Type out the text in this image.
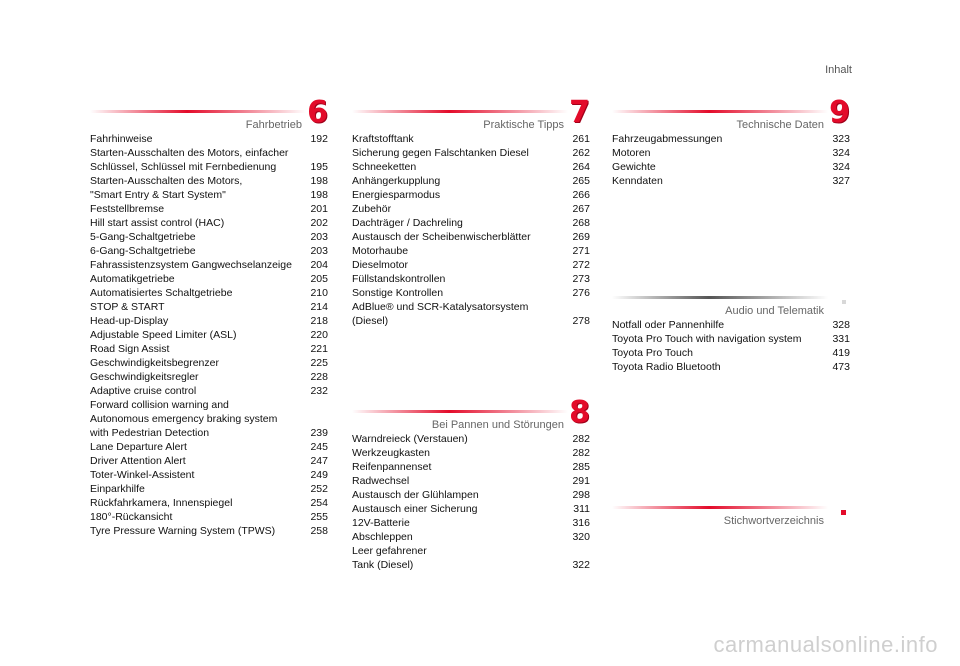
Inhalt
Fahrbetrieb 6
Fahrhinweise	192
Starten-Ausschalten des Motors, einfacher
Schlüssel, Schlüssel mit Fernbedienung	195
Starten-Ausschalten des Motors,	198
"Smart Entry & Start System"	198
Feststellbremse	201
Hill start assist control (HAC)	202
5-Gang-Schaltgetriebe	203
6-Gang-Schaltgetriebe	203
Fahrassistenzsystem Gangwechselanzeige	204
Automatikgetriebe	205
Automatisiertes Schaltgetriebe	210
STOP & START	214
Head-up-Display	218
Adjustable Speed Limiter (ASL)	220
Road Sign Assist	221
Geschwindigkeitsbegrenzer	225
Geschwindigkeitsregler	228
Adaptive cruise control	232
Forward collision warning and
Autonomous emergency braking system
with Pedestrian Detection	239
Lane Departure Alert	245
Driver Attention Alert	247
Toter-Winkel-Assistent	249
Einparkhilfe	252
Rückfahrkamera, Innenspiegel	254
180°-Rückansicht	255
Tyre Pressure Warning System (TPWS)	258
Praktische Tipps 7
Kraftstofftank	261
Sicherung gegen Falschtanken Diesel	262
Schneeketten	264
Anhängerkupplung	265
Energiesparmodus	266
Zubehör	267
Dachträger / Dachreling	268
Austausch der Scheibenwischerblätter	269
Motorhaube	271
Dieselmotor	272
Füllstandskontrollen	273
Sonstige Kontrollen	276
AdBlue® und SCR-Katalysatorsystem
(Diesel)	278
Bei Pannen und Störungen 8
Warndreieck (Verstauen)	282
Werkzeugkasten	282
Reifenpannenset	285
Radwechsel	291
Austausch der Glühlampen	298
Austausch einer Sicherung	311
12V-Batterie	316
Abschleppen	320
Leer gefahrener
Tank (Diesel)	322
Technische Daten 9
Fahrzeugabmessungen	323
Motoren	324
Gewichte	324
Kenndaten	327
Audio und Telematik
Notfall oder Pannenhilfe	328
Toyota Pro Touch with navigation system	331
Toyota Pro Touch	419
Toyota Radio Bluetooth	473
Stichwortverzeichnis
carmanualsonline.info
